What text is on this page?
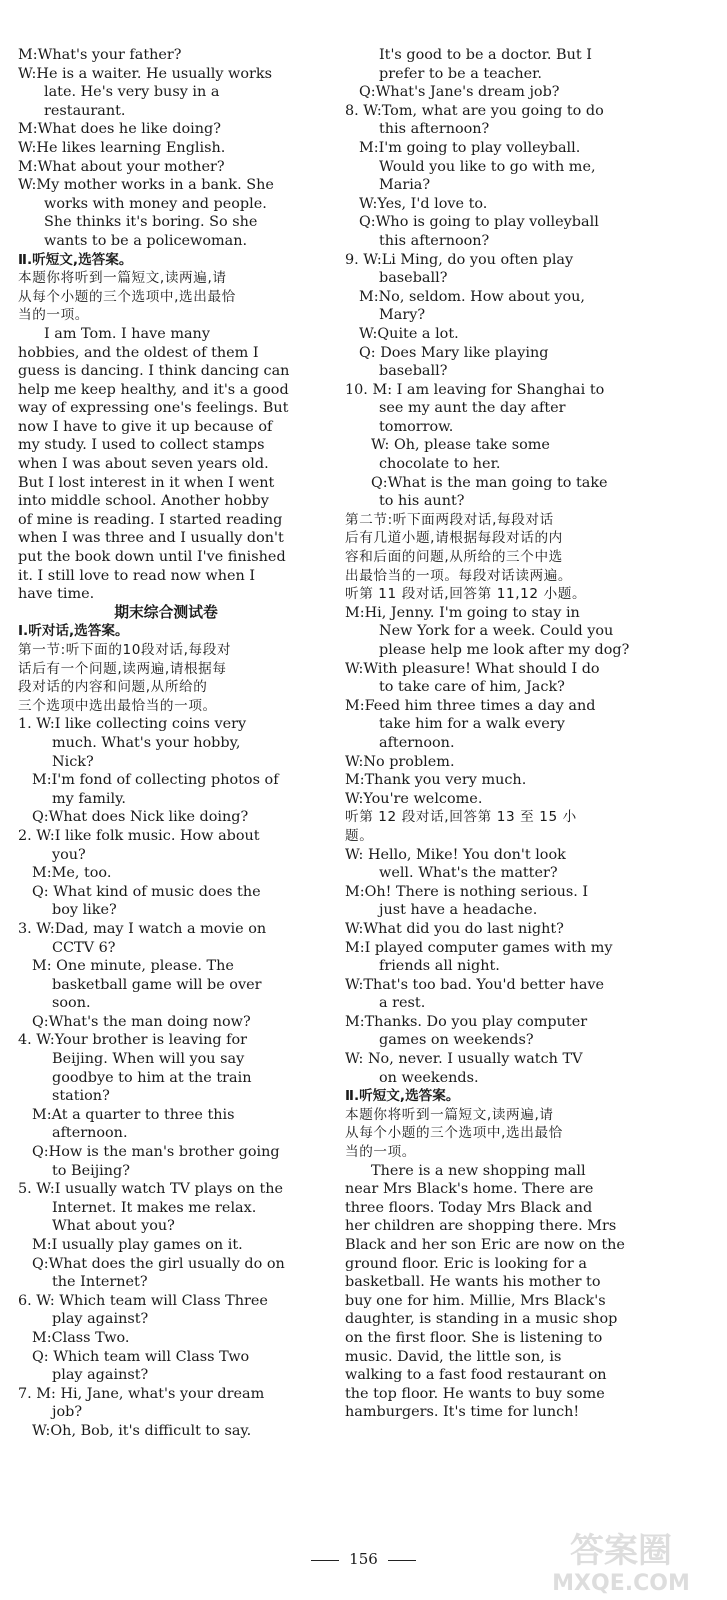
M:What's your father?
W:He is a waiter. He usually works
late. He's very busy in a
restaurant.
M:What does he like doing?
W:He likes learning English.
M:What about your mother?
W:My mother works in a bank. She
works with money and people.
She thinks it's boring. So she
wants to be a policewoman.
Ⅱ.听短文,选答案。
本题你将听到一篇短文,读两遍,请
从每个小题的三个选项中,选出最恰
当的一项。
I am Tom. I have many
hobbies, and the oldest of them I
guess is dancing. I think dancing can
help me keep healthy, and it's a good
way of expressing one's feelings. But
now I have to give it up because of
my study. I used to collect stamps
when I was about seven years old.
But I lost interest in it when I went
into middle school. Another hobby
of mine is reading. I started reading
when I was three and I usually don't
put the book down until I've finished
it. I still love to read now when I
have time.
期末综合测试卷
Ⅰ.听对话,选答案。
第一节:听下面的10段对话,每段对
话后有一个问题,读两遍,请根据每
段对话的内容和问题,从所给的
三个选项中选出最恰当的一项。
1. W:I like collecting coins very
much. What's your hobby,
Nick?
M:I'm fond of collecting photos of
my family.
Q:What does Nick like doing?
2. W:I like folk music. How about
you?
M:Me, too.
Q: What kind of music does the
boy like?
3. W:Dad, may I watch a movie on
CCTV 6?
M: One minute, please. The
basketball game will be over
soon.
Q:What's the man doing now?
4. W:Your brother is leaving for
Beijing. When will you say
goodbye to him at the train
station?
M:At a quarter to three this
afternoon.
Q:How is the man's brother going
to Beijing?
5. W:I usually watch TV plays on the
Internet. It makes me relax.
What about you?
M:I usually play games on it.
Q:What does the girl usually do on
the Internet?
6. W: Which team will Class Three
play against?
M:Class Two.
Q: Which team will Class Two
play against?
7. M: Hi, Jane, what's your dream
job?
W:Oh, Bob, it's difficult to say.
It's good to be a doctor. But I
prefer to be a teacher.
Q:What's Jane's dream job?
8. W:Tom, what are you going to do
this afternoon?
M:I'm going to play volleyball.
Would you like to go with me,
Maria?
W:Yes, I'd love to.
Q:Who is going to play volleyball
this afternoon?
9. W:Li Ming, do you often play
baseball?
M:No, seldom. How about you,
Mary?
W:Quite a lot.
Q: Does Mary like playing
baseball?
10. M: I am leaving for Shanghai to
see my aunt the day after
tomorrow.
W: Oh, please take some
chocolate to her.
Q:What is the man going to take
to his aunt?
第二节:听下面两段对话,每段对话
后有几道小题,请根据每段对话的内
容和后面的问题,从所给的三个中选
出最恰当的一项。每段对话读两遍。
听第 11 段对话,回答第 11,12 小题。
M:Hi, Jenny. I'm going to stay in
New York for a week. Could you
please help me look after my dog?
W:With pleasure! What should I do
to take care of him, Jack?
M:Feed him three times a day and
take him for a walk every
afternoon.
W:No problem.
M:Thank you very much.
W:You're welcome.
听第 12 段对话,回答第 13 至 15 小
题。
W: Hello, Mike! You don't look
well. What's the matter?
M:Oh! There is nothing serious. I
just have a headache.
W:What did you do last night?
M:I played computer games with my
friends all night.
W:That's too bad. You'd better have
a rest.
M:Thanks. Do you play computer
games on weekends?
W: No, never. I usually watch TV
on weekends.
Ⅱ.听短文,选答案。
本题你将听到一篇短文,读两遍,请
从每个小题的三个选项中,选出最恰
当的一项。
There is a new shopping mall
near Mrs Black's home. There are
three floors. Today Mrs Black and
her children are shopping there. Mrs
Black and her son Eric are now on the
ground floor. Eric is looking for a
basketball. He wants his mother to
buy one for him. Millie, Mrs Black's
daughter, is standing in a music shop
on the first floor. She is listening to
music. David, the little son, is
walking to a fast food restaurant on
the top floor. He wants to buy some
hamburgers. It's time for lunch!
156	答案圈
MXQE.COM
